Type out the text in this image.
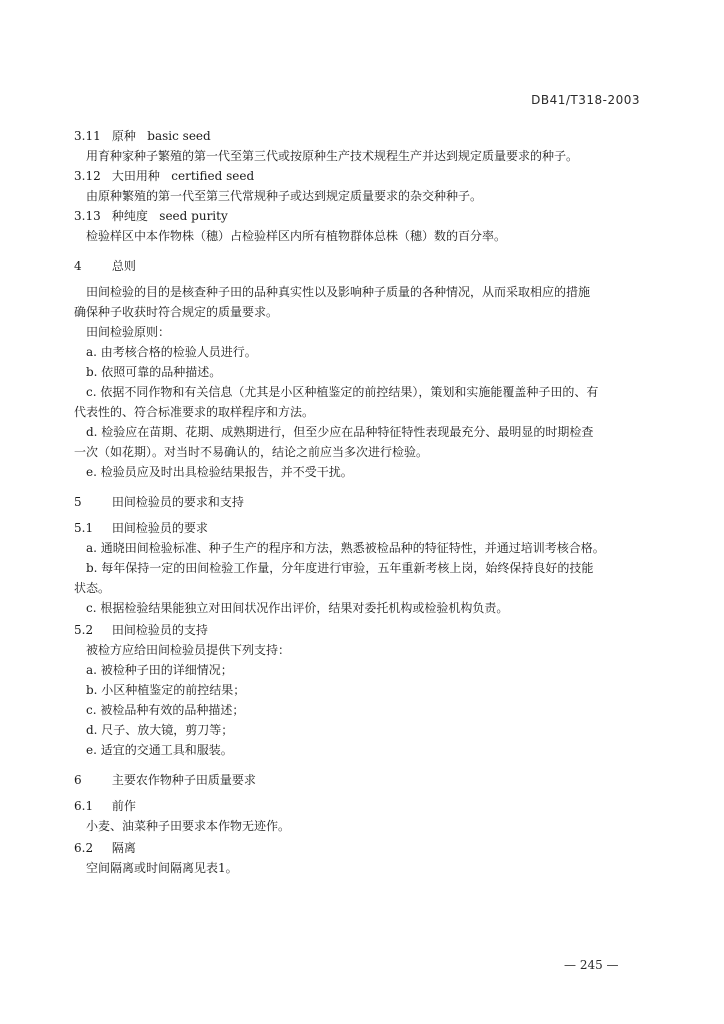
DB41/T318-2003
3.11 原种 basic seed
用育种家种子繁殖的第一代至第三代或按原种生产技术规程生产并达到规定质量要求的种子。
3.12 大田用种 certified seed
由原种繁殖的第一代至第三代常规种子或达到规定质量要求的杂交种种子。
3.13 种纯度 seed purity
检验样区中本作物株（穗）占检验样区内所有植物群体总株（穗）数的百分率。
4	总则
田间检验的目的是核查种子田的品种真实性以及影响种子质量的各种情况，从而采取相应的措施
确保种子收获时符合规定的质量要求。
田间检验原则：
a. 由考核合格的检验人员进行。
b. 依照可靠的品种描述。
c. 依据不同作物和有关信息（尤其是小区种植鉴定的前控结果），策划和实施能覆盖种子田的、有
代表性的、符合标准要求的取样程序和方法。
d. 检验应在苗期、花期、成熟期进行，但至少应在品种特征特性表现最充分、最明显的时期检查
一次（如花期）。对当时不易确认的，结论之前应当多次进行检验。
e. 检验员应及时出具检验结果报告，并不受干扰。
5	田间检验员的要求和支持
5.1 田间检验员的要求
a. 通晓田间检验标准、种子生产的程序和方法，熟悉被检品种的特征特性，并通过培训考核合格。
b. 每年保持一定的田间检验工作量，分年度进行审验，五年重新考核上岗，始终保持良好的技能
状态。
c. 根据检验结果能独立对田间状况作出评价，结果对委托机构或检验机构负责。
5.2 田间检验员的支持
被检方应给田间检验员提供下列支持：
a. 被检种子田的详细情况；
b. 小区种植鉴定的前控结果；
c. 被检品种有效的品种描述；
d. 尺子、放大镜，剪刀等；
e. 适宜的交通工具和服装。
6	主要农作物种子田质量要求
6.1 前作
小麦、油菜种子田要求本作物无迹作。
6.2 隔离
空间隔离或时间隔离见表1。
— 245 —
